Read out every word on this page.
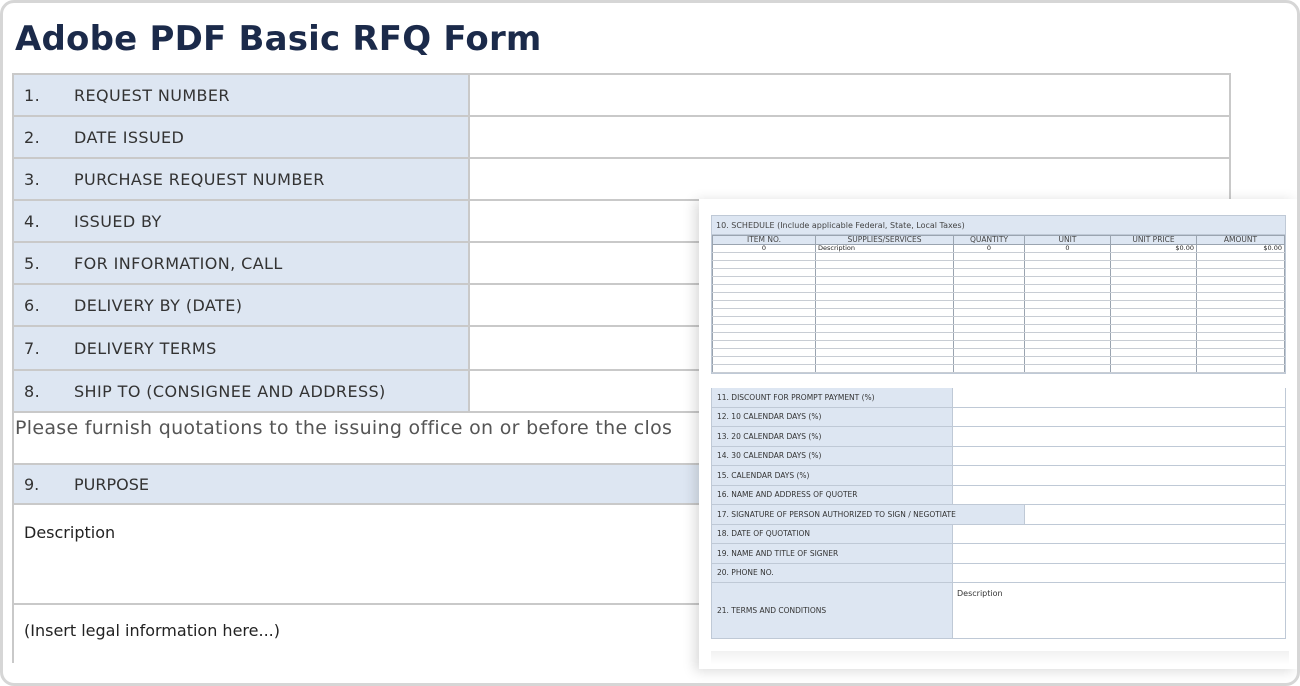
Adobe PDF Basic RFQ Form
1.	REQUEST NUMBER
2.	DATE ISSUED
3.	PURCHASE REQUEST NUMBER
4.	ISSUED BY
5.	FOR INFORMATION, CALL
6.	DELIVERY BY (DATE)
7.	DELIVERY TERMS
8.	SHIP TO (CONSIGNEE AND ADDRESS)
Please furnish quotations to the issuing office on or before the clos
9.	PURPOSE
Description
(Insert legal information here...)
10. SCHEDULE (Include applicable Federal, State, Local Taxes)
ITEM NO.	SUPPLIES/SERVICES	QUANTITY	UNIT	UNIT PRICE	AMOUNT
0	Description	0	0	$0.00	$0.00

11. DISCOUNT FOR PROMPT PAYMENT (%)
12. 10 CALENDAR DAYS (%)
13. 20 CALENDAR DAYS (%)
14. 30 CALENDAR DAYS (%)
15. CALENDAR DAYS (%)
16. NAME AND ADDRESS OF QUOTER
17. SIGNATURE OF PERSON AUTHORIZED TO SIGN / NEGOTIATE
18. DATE OF QUOTATION
19. NAME AND TITLE OF SIGNER
20. PHONE NO.
21. TERMS AND CONDITIONS
Description
